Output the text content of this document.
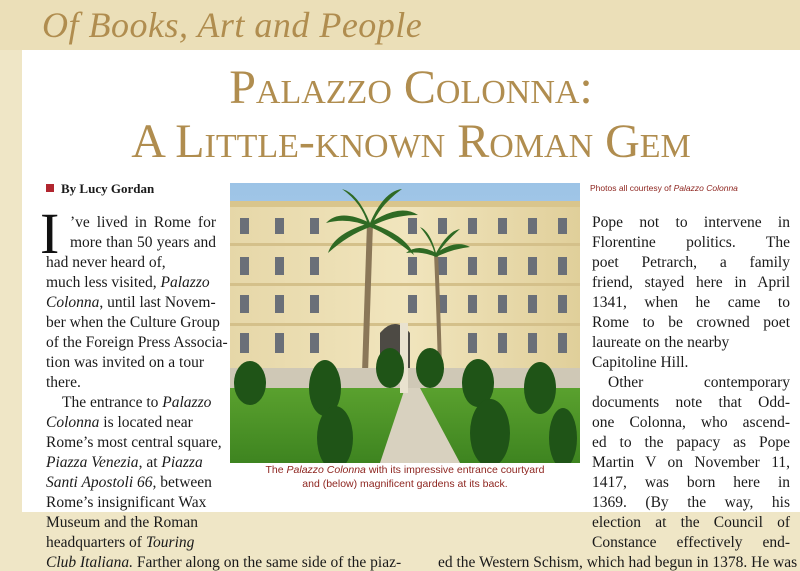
Of Books, Art and People
Palazzo Colonna:
A Little-known Roman Gem
By Lucy Gordan	Photos all courtesy of Palazzo Colonna
I ’ve lived in Rome for
more than 50 years and
had never heard of,
much less visited, Palazzo
Colonna, until last Novem-
ber when the Culture Group
of the Foreign Press Associa-
tion was invited on a tour
there.
The entrance to Palazzo
Colonna is located near
Rome’s most central square,
Piazza Venezia, at Piazza
Santi Apostoli 66, between
Rome’s insignificant Wax
Museum and the Roman
headquarters of Touring
Club Italiana. Farther along on the same side of the piaz-
The Palazzo Colonna with its impressive entrance courtyard
and (below) magnificent gardens at its back.
Pope not to intervene in
Florentine politics. The
poet Petrarch, a family
friend, stayed here in April
1341, when he came to
Rome to be crowned poet
laureate on the nearby
Capitoline Hill.
Other contemporary
documents note that Odd-
one Colonna, who ascend-
ed to the papacy as Pope
Martin V on November 11,
1417, was born here in
1369. (By the way, his
election at the Council of
Constance effectively end-
ed the Western Schism, which had begun in 1378. He was
